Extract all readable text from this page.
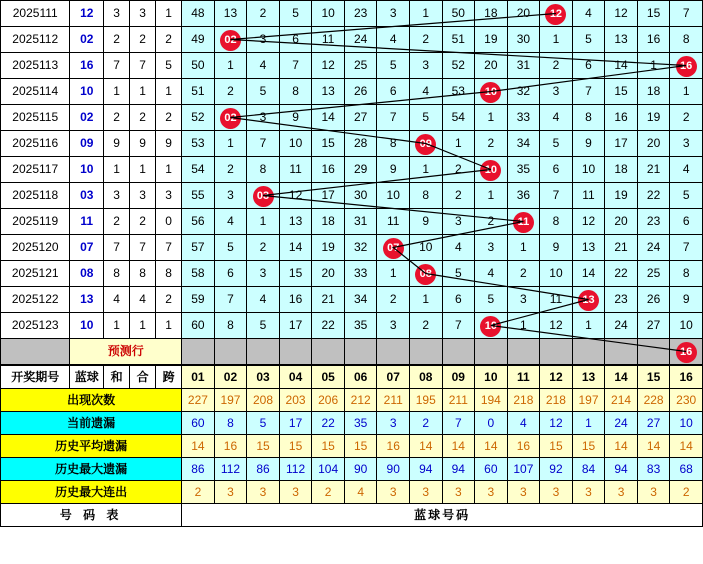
2025111	12	3	3	1	48	13	2	5	10	23	3	1	50	18	20	12	4	12	15	7
2025112	02	2	2	2	49	02	3	6	11	24	4	2	51	19	30	1	5	13	16	8
2025113	16	7	7	5	50	1	4	7	12	25	5	3	52	20	31	2	6	14	1	16
2025114	10	1	1	1	51	2	5	8	13	26	6	4	53	10	32	3	7	15	18	1
2025115	02	2	2	2	52	02	3	9	14	27	7	5	54	1	33	4	8	16	19	2
2025116	09	9	9	9	53	1	7	10	15	28	8	09	1	2	34	5	9	17	20	3
2025117	10	1	1	1	54	2	8	11	16	29	9	1	2	10	35	6	10	18	21	4
2025118	03	3	3	3	55	3	03	12	17	30	10	8	2	1	36	7	11	19	22	5
2025119	11	2	2	0	56	4	1	13	18	31	11	9	3	2	11	8	12	20	23	6
2025120	07	7	7	7	57	5	2	14	19	32	07	10	4	3	1	9	13	21	24	7
2025121	08	8	8	8	58	6	3	15	20	33	1	08	5	4	2	10	14	22	25	8
2025122	13	4	4	2	59	7	4	16	21	34	2	1	6	5	3	11	13	23	26	9
2025123	10	1	1	1	60	8	5	17	22	35	3	2	7	10	1	12	1	24	27	10
	预测行																			16
开奖期号	蓝球	和	合	跨	01	02	03	04	05	06	07	08	09	10	11	12	13	14	15	16
出现次数					227	197	208	203	206	212	211	195	211	194	218	218	197	214	228	230
当前遗漏					60	8	5	17	22	35	3	2	7	0	4	12	1	24	27	10
历史平均遗漏					14	16	15	15	15	15	16	14	14	14	16	15	15	14	14	14
历史最大遗漏					86	112	86	112	104	90	90	94	94	60	107	92	84	94	83	68
历史最大连出					2	3	3	3	2	4	3	3	3	3	3	3	3	3	3	2
号 码 表					蓝球号码															
